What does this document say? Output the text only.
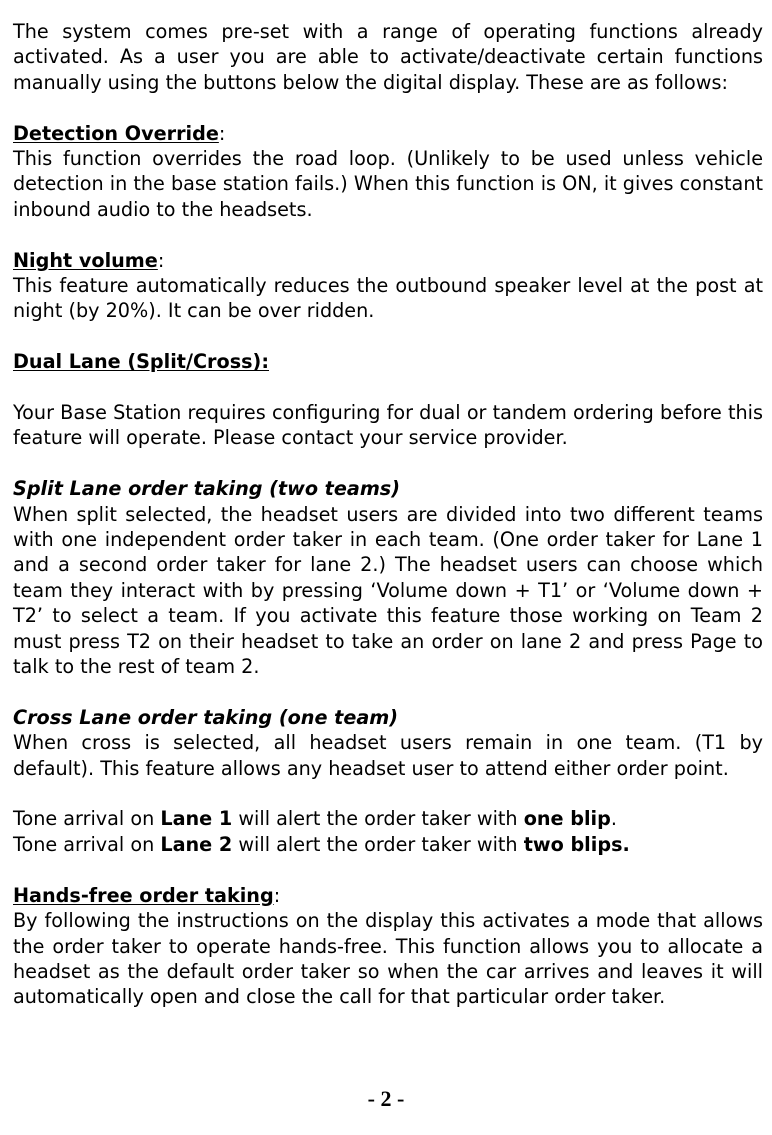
The system comes pre-set with a range of operating functions already activated. As a user you are able to activate/deactivate certain functions manually using the buttons below the digital display. These are as follows:

Detection Override:

This function overrides the road loop. (Unlikely to be used unless vehicle detection in the base station fails.) When this function is ON, it gives constant inbound audio to the headsets.

Night volume:

This feature automatically reduces the outbound speaker level at the post at night (by 20%). It can be over ridden.

Dual Lane (Split/Cross):

Your Base Station requires configuring for dual or tandem ordering before this feature will operate. Please contact your service provider.

Split Lane order taking (two teams)

When split selected, the headset users are divided into two different teams with one independent order taker in each team. (One order taker for Lane 1 and a second order taker for lane 2.) The headset users can choose which team they interact with by pressing ‘Volume down + T1’ or ‘Volume down + T2’ to select a team. If you activate this feature those working on Team 2 must press T2 on their headset to take an order on lane 2 and press Page to talk to the rest of team 2.

Cross Lane order taking (one team)

When cross is selected, all headset users remain in one team. (T1 by default). This feature allows any headset user to attend either order point.

Tone arrival on Lane 1 will alert the order taker with one blip.

Tone arrival on Lane 2 will alert the order taker with two blips.

Hands-free order taking:

By following the instructions on the display this activates a mode that allows the order taker to operate hands-free. This function allows you to allocate a headset as the default order taker so when the car arrives and leaves it will automatically open and close the call for that particular order taker.

- 2 -
